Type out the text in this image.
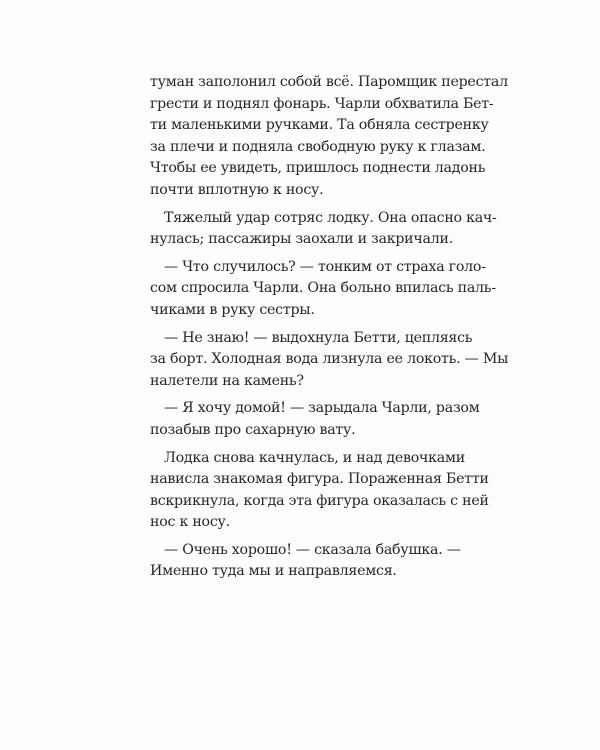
туман заполонил собой всё. Паромщик перестал
грести и поднял фонарь. Чарли обхватила Бет-
ти маленькими ручками. Та обняла сестренку
за плечи и подняла свободную руку к глазам.
Чтобы ее увидеть, пришлось поднести ладонь
почти вплотную к носу.

Тяжелый удар сотряс лодку. Она опасно кач-
нулась; пассажиры заохали и закричали.

— Что случилось? — тонким от страха голо-
сом спросила Чарли. Она больно впилась паль-
чиками в руку сестры.

— Не знаю! — выдохнула Бетти, цепляясь
за борт. Холодная вода лизнула ее локоть. — Мы
налетели на камень?

— Я хочу домой! — зарыдала Чарли, разом
позабыв про сахарную вату.

Лодка снова качнулась, и над девочками
нависла знакомая фигура. Пораженная Бетти
вскрикнула, когда эта фигура оказалась с ней
нос к носу.

— Очень хорошо! — сказала бабушка. —
Именно туда мы и направляемся.
